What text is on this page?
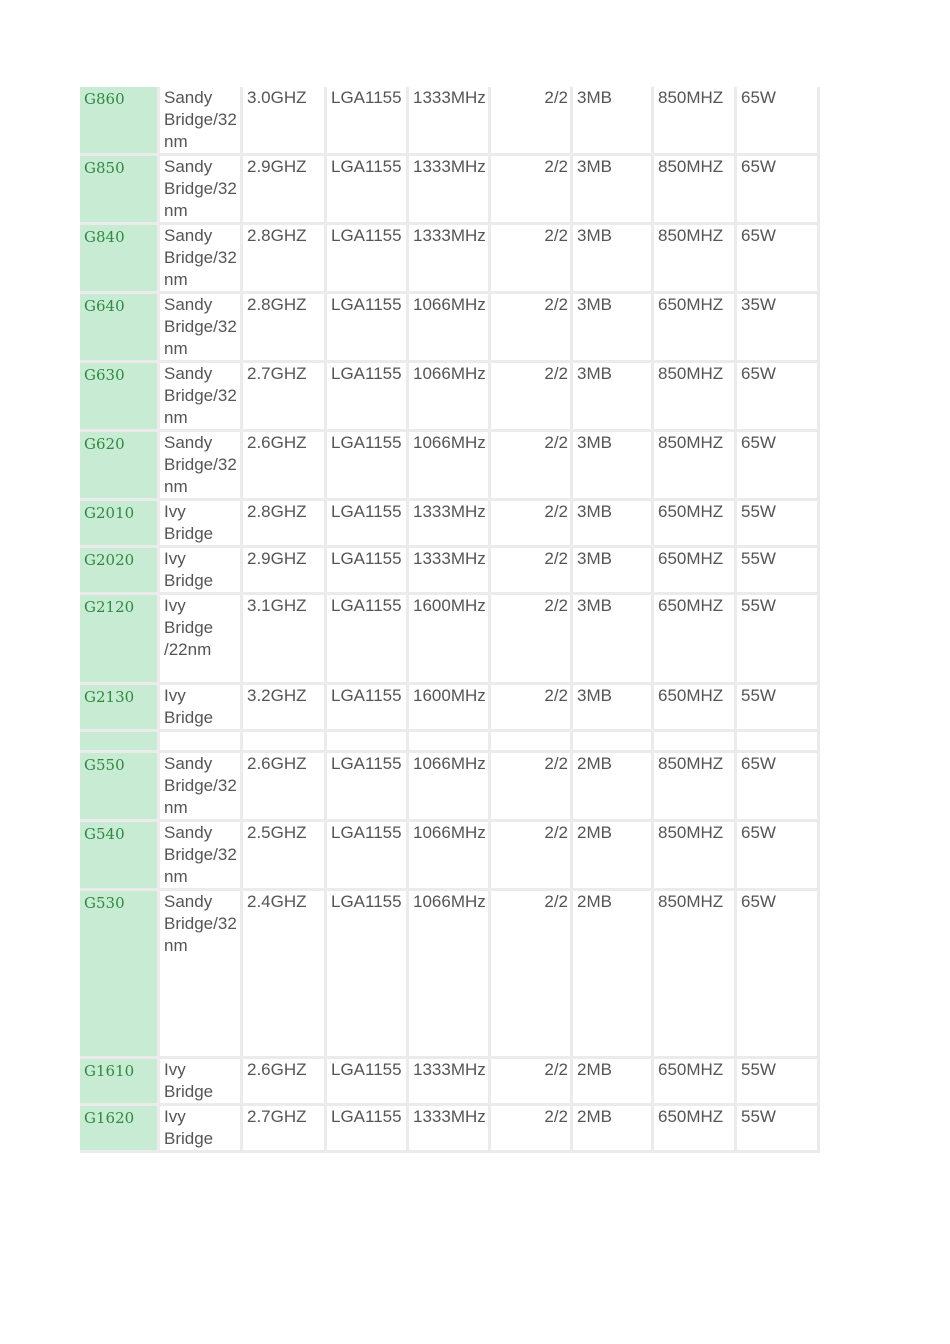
G860	Sandy
Bridge/32
nm	3.0GHZ	LGA1155	1333MHz	2/2	3MB	850MHZ	65W
G850	Sandy
Bridge/32
nm	2.9GHZ	LGA1155	1333MHz	2/2	3MB	850MHZ	65W
G840	Sandy
Bridge/32
nm	2.8GHZ	LGA1155	1333MHz	2/2	3MB	850MHZ	65W
G640	Sandy
Bridge/32
nm	2.8GHZ	LGA1155	1066MHz	2/2	3MB	650MHZ	35W
G630	Sandy
Bridge/32
nm	2.7GHZ	LGA1155	1066MHz	2/2	3MB	850MHZ	65W
G620	Sandy
Bridge/32
nm	2.6GHZ	LGA1155	1066MHz	2/2	3MB	850MHZ	65W
G2010	Ivy
Bridge	2.8GHZ	LGA1155	1333MHz	2/2	3MB	650MHZ	55W
G2020	Ivy
Bridge	2.9GHZ	LGA1155	1333MHz	2/2	3MB	650MHZ	55W
G2120	Ivy
Bridge
/22nm	3.1GHZ	LGA1155	1600MHz	2/2	3MB	650MHZ	55W
G2130	Ivy
Bridge	3.2GHZ	LGA1155	1600MHz	2/2	3MB	650MHZ	55W

G550	Sandy
Bridge/32
nm	2.6GHZ	LGA1155	1066MHz	2/2	2MB	850MHZ	65W
G540	Sandy
Bridge/32
nm	2.5GHZ	LGA1155	1066MHz	2/2	2MB	850MHZ	65W
G530	Sandy
Bridge/32
nm	2.4GHZ	LGA1155	1066MHz	2/2	2MB	850MHZ	65W
G1610	Ivy
Bridge	2.6GHZ	LGA1155	1333MHz	2/2	2MB	650MHZ	55W
G1620	Ivy
Bridge	2.7GHZ	LGA1155	1333MHz	2/2	2MB	650MHZ	55W
